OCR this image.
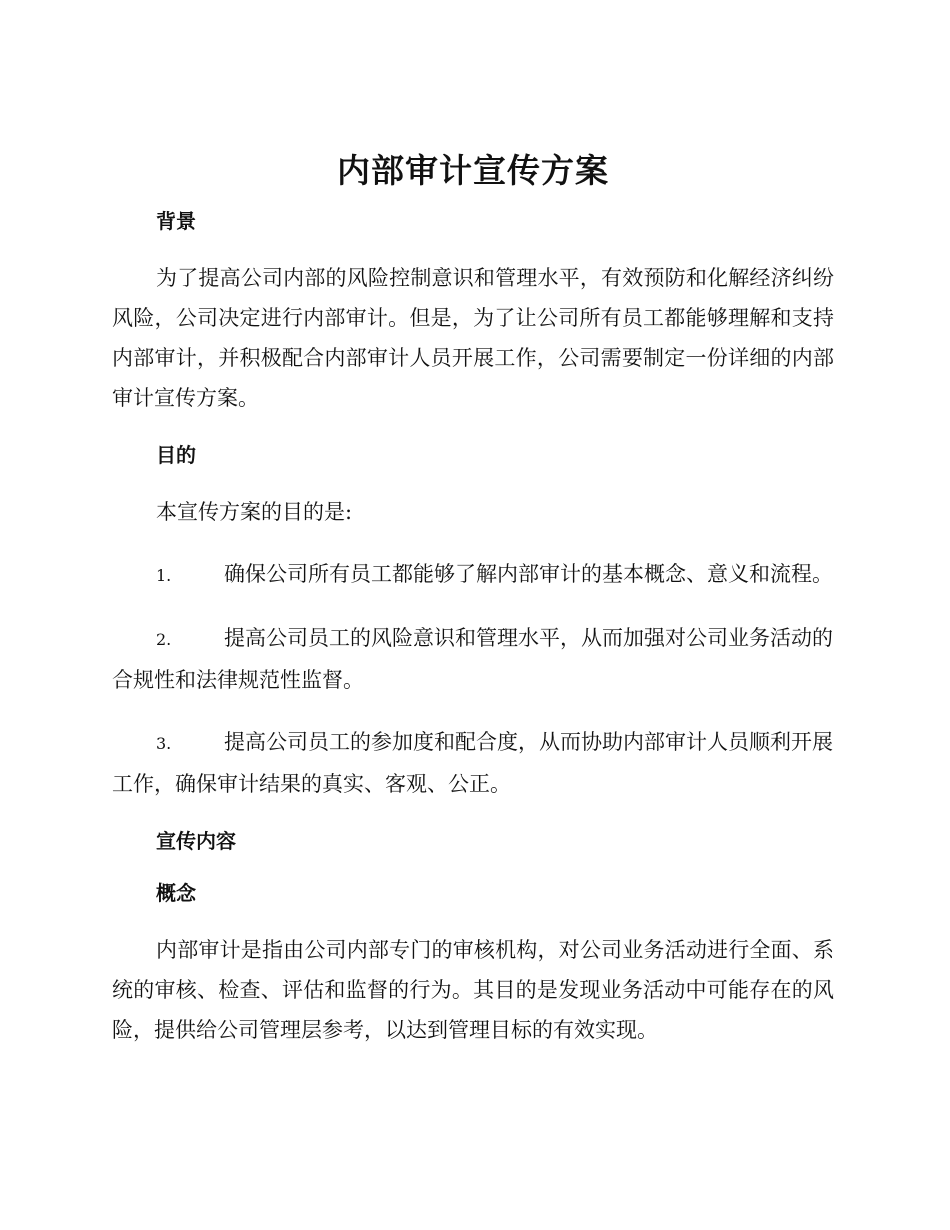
内部审计宣传方案
背景

为了提高公司内部的风险控制意识和管理水平，有效预防和化解经济纠纷风险，公司决定进行内部审计。但是，为了让公司所有员工都能够理解和支持内部审计，并积极配合内部审计人员开展工作，公司需要制定一份详细的内部审计宣传方案。

目的

本宣传方案的目的是:

1.	确保公司所有员工都能够了解内部审计的基本概念、意义和流程。

2.	提高公司员工的风险意识和管理水平，从而加强对公司业务活动的合规性和法律规范性监督。

3.	提高公司员工的参加度和配合度，从而协助内部审计人员顺利开展工作，确保审计结果的真实、客观、公正。

宣传内容
概念

内部审计是指由公司内部专门的审核机构，对公司业务活动进行全面、系统的审核、检查、评估和监督的行为。其目的是发现业务活动中可能存在的风险，提供给公司管理层参考，以达到管理目标的有效实现。
